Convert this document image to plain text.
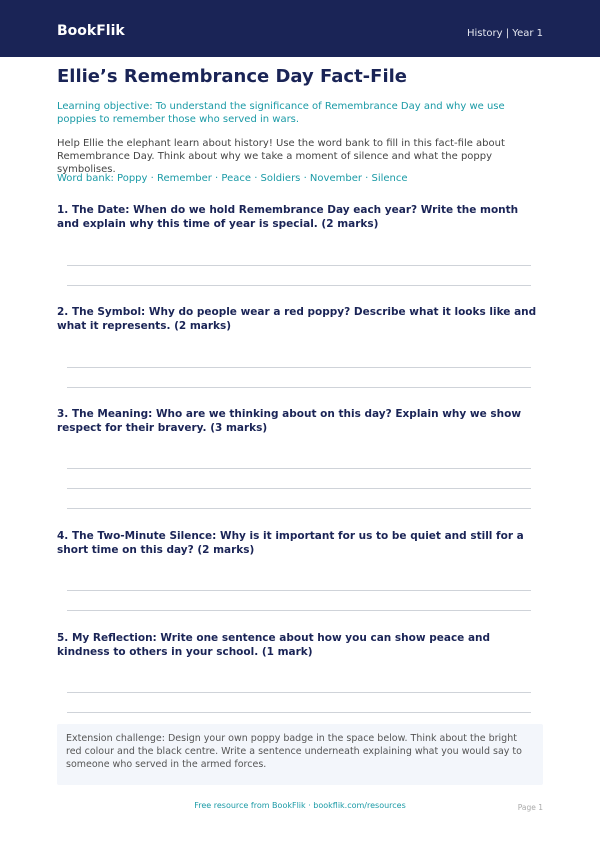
BookFlik	History | Year 1
Ellie’s Remembrance Day Fact-File
Learning objective: To understand the significance of Remembrance Day and why we use poppies to remember those who served in wars.
Help Ellie the elephant learn about history! Use the word bank to fill in this fact-file about Remembrance Day. Think about why we take a moment of silence and what the poppy symbolises.
Word bank: Poppy · Remember · Peace · Soldiers · November · Silence
1. The Date: When do we hold Remembrance Day each year? Write the month and explain why this time of year is special. (2 marks)
2. The Symbol: Why do people wear a red poppy? Describe what it looks like and what it represents. (2 marks)
3. The Meaning: Who are we thinking about on this day? Explain why we show respect for their bravery. (3 marks)
4. The Two-Minute Silence: Why is it important for us to be quiet and still for a short time on this day? (2 marks)
5. My Reflection: Write one sentence about how you can show peace and kindness to others in your school. (1 mark)
Extension challenge: Design your own poppy badge in the space below. Think about the bright red colour and the black centre. Write a sentence underneath explaining what you would say to someone who served in the armed forces.
Free resource from BookFlik · bookflik.com/resources	Page 1
